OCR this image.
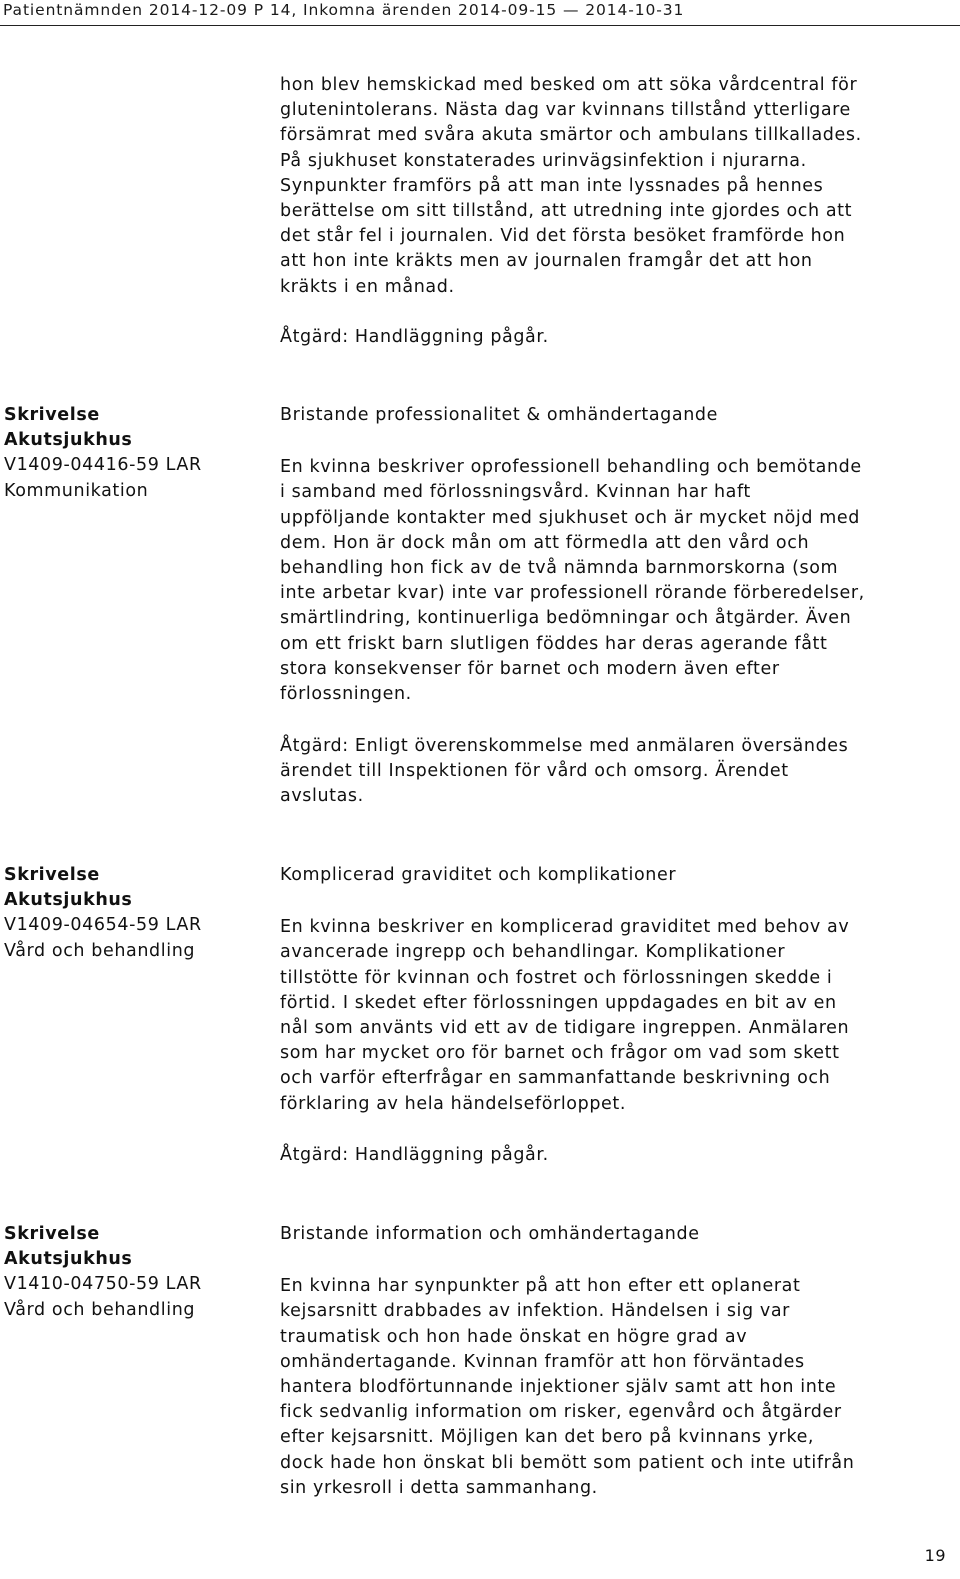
Patientnämnden 2014-12-09 P 14, Inkomna ärenden 2014-09-15 — 2014-10-31
hon blev hemskickad med besked om att söka vårdcentral för
glutenintolerans. Nästa dag var kvinnans tillstånd ytterligare
försämrat med svåra akuta smärtor och ambulans tillkallades.
På sjukhuset konstaterades urinvägsinfektion i njurarna.
Synpunkter framförs på att man inte lyssnades på hennes
berättelse om sitt tillstånd, att utredning inte gjordes och att
det står fel i journalen. Vid det första besöket framförde hon
att hon inte kräkts men av journalen framgår det att hon
kräkts i en månad.
Åtgärd: Handläggning pågår.
Skrivelse
Akutsjukhus
V1409-04416-59 LAR
Kommunikation

Bristande professionalitet & omhändertagande

En kvinna beskriver oprofessionell behandling och bemötande
i samband med förlossningsvård. Kvinnan har haft
uppföljande kontakter med sjukhuset och är mycket nöjd med
dem. Hon är dock mån om att förmedla att den vård och
behandling hon fick av de två nämnda barnmorskorna (som
inte arbetar kvar) inte var professionell rörande förberedelser,
smärtlindring, kontinuerliga bedömningar och åtgärder. Även
om ett friskt barn slutligen föddes har deras agerande fått
stora konsekvenser för barnet och modern även efter
förlossningen.
Åtgärd: Enligt överenskommelse med anmälaren översändes
ärendet till Inspektionen för vård och omsorg. Ärendet
avslutas.
Skrivelse
Akutsjukhus
V1409-04654-59 LAR
Vård och behandling

Komplicerad graviditet och komplikationer

En kvinna beskriver en komplicerad graviditet med behov av
avancerade ingrepp och behandlingar. Komplikationer
tillstötte för kvinnan och fostret och förlossningen skedde i
förtid. I skedet efter förlossningen uppdagades en bit av en
nål som använts vid ett av de tidigare ingreppen. Anmälaren
som har mycket oro för barnet och frågor om vad som skett
och varför efterfrågar en sammanfattande beskrivning och
förklaring av hela händelseförloppet.
Åtgärd: Handläggning pågår.
Skrivelse
Akutsjukhus
V1410-04750-59 LAR
Vård och behandling

Bristande information och omhändertagande

En kvinna har synpunkter på att hon efter ett oplanerat
kejsarsnitt drabbades av infektion. Händelsen i sig var
traumatisk och hon hade önskat en högre grad av
omhändertagande. Kvinnan framför att hon förväntades
hantera blodförtunnande injektioner själv samt att hon inte
fick sedvanlig information om risker, egenvård och åtgärder
efter kejsarsnitt. Möjligen kan det bero på kvinnans yrke,
dock hade hon önskat bli bemött som patient och inte utifrån
sin yrkesroll i detta sammanhang.
19
